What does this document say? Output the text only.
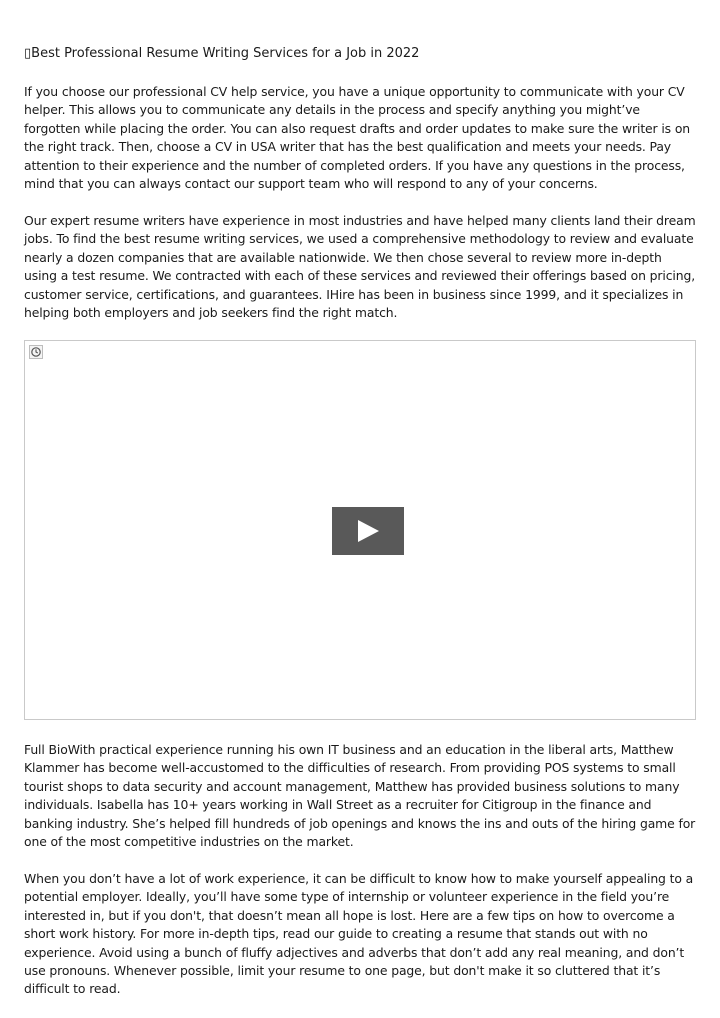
▯Best Professional Resume Writing Services for a Job in 2022

If you choose our professional CV help service, you have a unique opportunity to communicate with your CV helper. This allows you to communicate any details in the process and specify anything you might’ve forgotten while placing the order. You can also request drafts and order updates to make sure the writer is on the right track. Then, choose a CV in USA writer that has the best qualification and meets your needs. Pay attention to their experience and the number of completed orders. If you have any questions in the process, mind that you can always contact our support team who will respond to any of your concerns.

Our expert resume writers have experience in most industries and have helped many clients land their dream jobs. To find the best resume writing services, we used a comprehensive methodology to review and evaluate nearly a dozen companies that are available nationwide. We then chose several to review more in-depth using a test resume. We contracted with each of these services and reviewed their offerings based on pricing, customer service, certifications, and guarantees. IHire has been in business since 1999, and it specializes in helping both employers and job seekers find the right match.

Full BioWith practical experience running his own IT business and an education in the liberal arts, Matthew Klammer has become well-accustomed to the difficulties of research. From providing POS systems to small tourist shops to data security and account management, Matthew has provided business solutions to many individuals. Isabella has 10+ years working in Wall Street as a recruiter for Citigroup in the finance and banking industry. She’s helped fill hundreds of job openings and knows the ins and outs of the hiring game for one of the most competitive industries on the market.

When you don’t have a lot of work experience, it can be difficult to know how to make yourself appealing to a potential employer. Ideally, you’ll have some type of internship or volunteer experience in the field you’re interested in, but if you don't, that doesn’t mean all hope is lost. Here are a few tips on how to overcome a short work history. For more in-depth tips, read our guide to creating a resume that stands out with no experience. Avoid using a bunch of fluffy adjectives and adverbs that don’t add any real meaning, and don’t use pronouns. Whenever possible, limit your resume to one page, but don't make it so cluttered that it’s difficult to read.
